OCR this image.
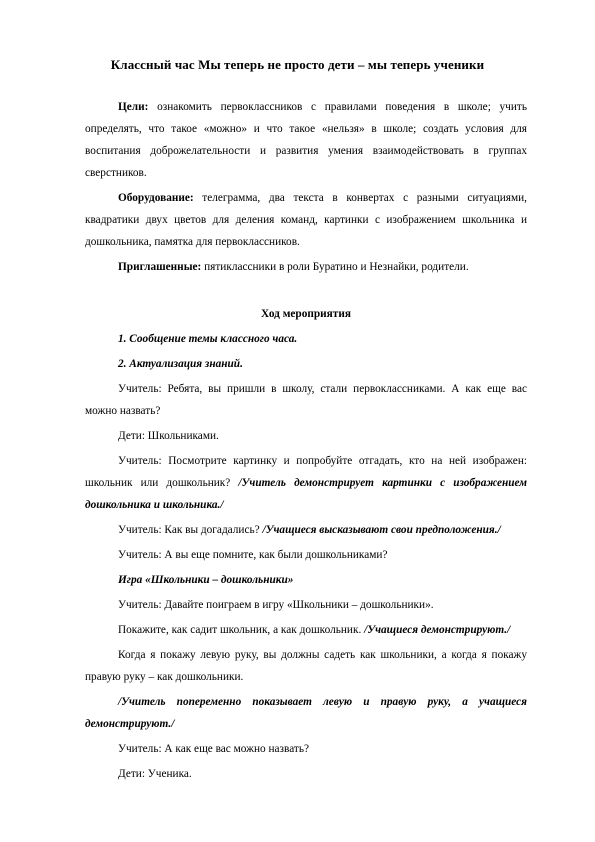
Классный час Мы теперь не просто дети – мы теперь ученики

Цели: ознакомить первоклассников с правилами поведения в школе; учить определять, что такое «можно» и что такое «нельзя» в школе; создать условия для воспитания доброжелательности и развития умения взаимодействовать в группах сверстников.

Оборудование: телеграмма, два текста в конвертах с разными ситуациями, квадратики двух цветов для деления команд, картинки с изображением школьника и дошкольника, памятка для первоклассников.

Приглашенные: пятиклассники в роли Буратино и Незнайки, родители.

Ход мероприятия

1. Сообщение темы классного часа.

2. Актуализация знаний.

Учитель: Ребята, вы пришли в школу, стали первоклассниками. А как еще вас можно назвать?

Дети: Школьниками.

Учитель: Посмотрите картинку и попробуйте отгадать, кто на ней изображен: школьник или дошкольник? /Учитель демонстрирует картинки с изображением дошкольника и школьника./

Учитель: Как вы догадались? /Учащиеся высказывают свои предположения./

Учитель: А вы еще помните, как были дошкольниками?

Игра «Школьники – дошкольники»

Учитель: Давайте поиграем в игру «Школьники – дошкольники».

Покажите, как садит школьник, а как дошкольник. /Учащиеся демонстрируют./

Когда я покажу левую руку, вы должны садеть как школьники, а когда я покажу правую руку – как дошкольники.

/Учитель попеременно показывает левую и правую руку, а учащиеся демонстрируют./

Учитель: А как еще вас можно назвать?

Дети: Ученика.
